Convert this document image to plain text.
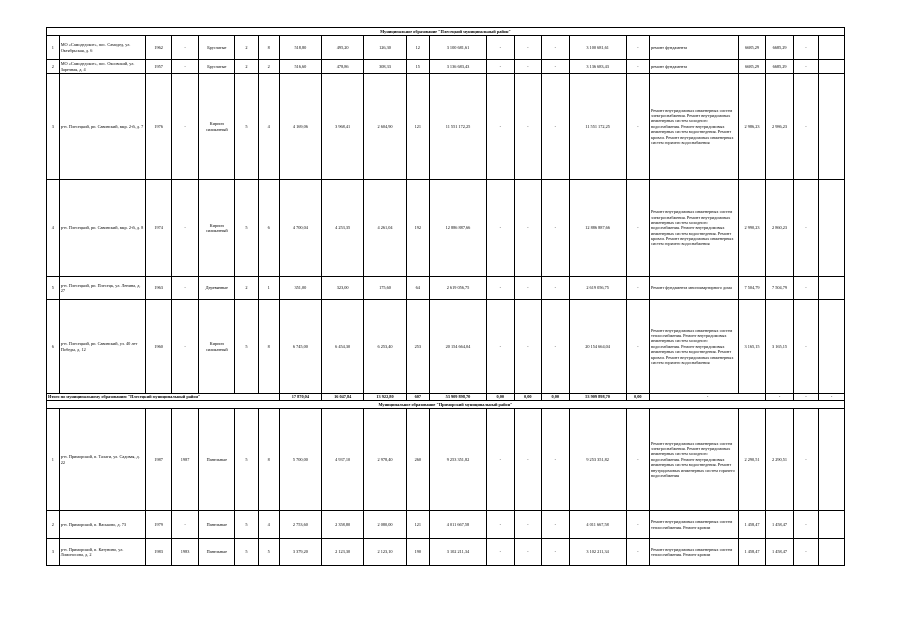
Муниципальное образование "Плесецкий муниципальный район"																					
1	МО «Самодедское», пос. Самодед, ул. Октябрьская, д. 6	1962	-	Брусчатые	2	8	518,80	495,20	126,30	12	3 100 681,61	-	-	-	3 100 681,61	-	ремонт фундамента	6685,29	6685,29	-	
2	МО «Самодедское», пос. Оксовский, ул. Заречная, д. 4	1957	-	Брусчатые	2	2	516,60	478,86	308,33	15	3 136 683,43	-	-	-	3 136 683,43	-	ремонт фундамента	6685,29	6685,29	-	
3	р-н. Плесецкий, рп. Савинский, мкр. 2-й, д. 7	1976	-	Кирпич силикатный	5	4	4 169,06	3 968,41	2 604,90	121	11 551 172,25	-	-	-	11 551 172,25	-	Ремонт внутридомовых инженерных систем электроснабжения. Ремонт внутридомовых инженерных систем холодного водоснабжения. Ремонт внутридомовых инженерных систем водоотведения. Ремонт кровли. Ремонт внутридомовых инженерных систем горячего водоснабжения	2 986,23	2 986,23	-	
4	р-н. Плесецкий, рп. Савинский, мкр. 2-й, д. 8	1974	-	Кирпич силикатный	5	6	4 700,04	4 253,35	4 261,04	192	12 886 887,66	-	-	-	12 886 887,66	-	Ремонт внутридомовых инженерных систем электроснабжения. Ремонт внутридомовых инженерных систем холодного водоснабжения. Ремонт внутридомовых инженерных систем водоотведения. Ремонт кровли. Ремонт внутридомовых инженерных систем горячего водоснабжения	2 990,23	2 860,23	-	
5	р-н. Плесецкий, рп. Плесецк, ул. Ленина, д. 27	1963	-	Деревянные	2	1	351,00	323,00	175,60	64	2 619 056,75	-	-	-	2 619 056,75	-	Ремонт фундамента многоквартирного дома	7 504,79	7 504,79	-	
6	р-н. Плесецкий, рп. Савинский, ул. 40 лет Победы, д. 12	1960	-	Кирпич силикатный	5	8	6 745,00	6 454,30	6 253,40	253	20 154 664,04	-	-	-	20 154 664,04	-	Ремонт внутридомовых инженерных систем теплоснабжения. Ремонт внутридомовых инженерных систем холодного водоснабжения. Ремонт внутридомовых инженерных систем водоотведения. Ремонт кровли. Ремонт внутридомовых инженерных систем горячего водоснабжения	3 165,15	3 165,15	-	
Итого по муниципальному образованию "Плесецкий муниципальный район"							17 870,04	16 047,84	13 922,80	607	53 909 898,70	0,00	0,00	0,00	53 909 898,70	0,00	-		-	-	-
Муниципальное образование "Приморский муниципальный район"																					
1	р-н. Приморский, п. Талаги, ул. Садовая, д. 22	1987	1987	Панельные	5	8	5 700,00	4 937,10	2 978,40	260	9 253 351,82	-	-	-	9 253 351,82	-	Ремонт внутридомовых инженерных систем электроснабжения. Ремонт внутридомовых инженерных систем холодного водоснабжения. Ремонт внутридомовых инженерных систем водоотведения. Ремонт внутридомовых инженерных систем горячего водоснабжения	2 290,51	2 290,51	-	
2	р-н. Приморский, п. Васьково, д. 73	1979	-	Панельные	5	4	2 753,60	2 358,80	2 080,00	121	4 011 667,58	-	-	-	4 011 667,58	-	Ремонт внутридомовых инженерных систем теплоснабжения. Ремонт кровли	1 458,47	1 458,47	-	
3	р-н. Приморский, п. Катунино, ул. Ломоносова, д. 2	1983	1983	Панельные	5	5	3 379,20	2 123,30	2 123,10	190	3 102 211,34	-	-	-	3 102 211,34	-	Ремонт внутридомовых инженерных систем теплоснабжения. Ремонт кровли	1 458,47	1 458,47	-	
